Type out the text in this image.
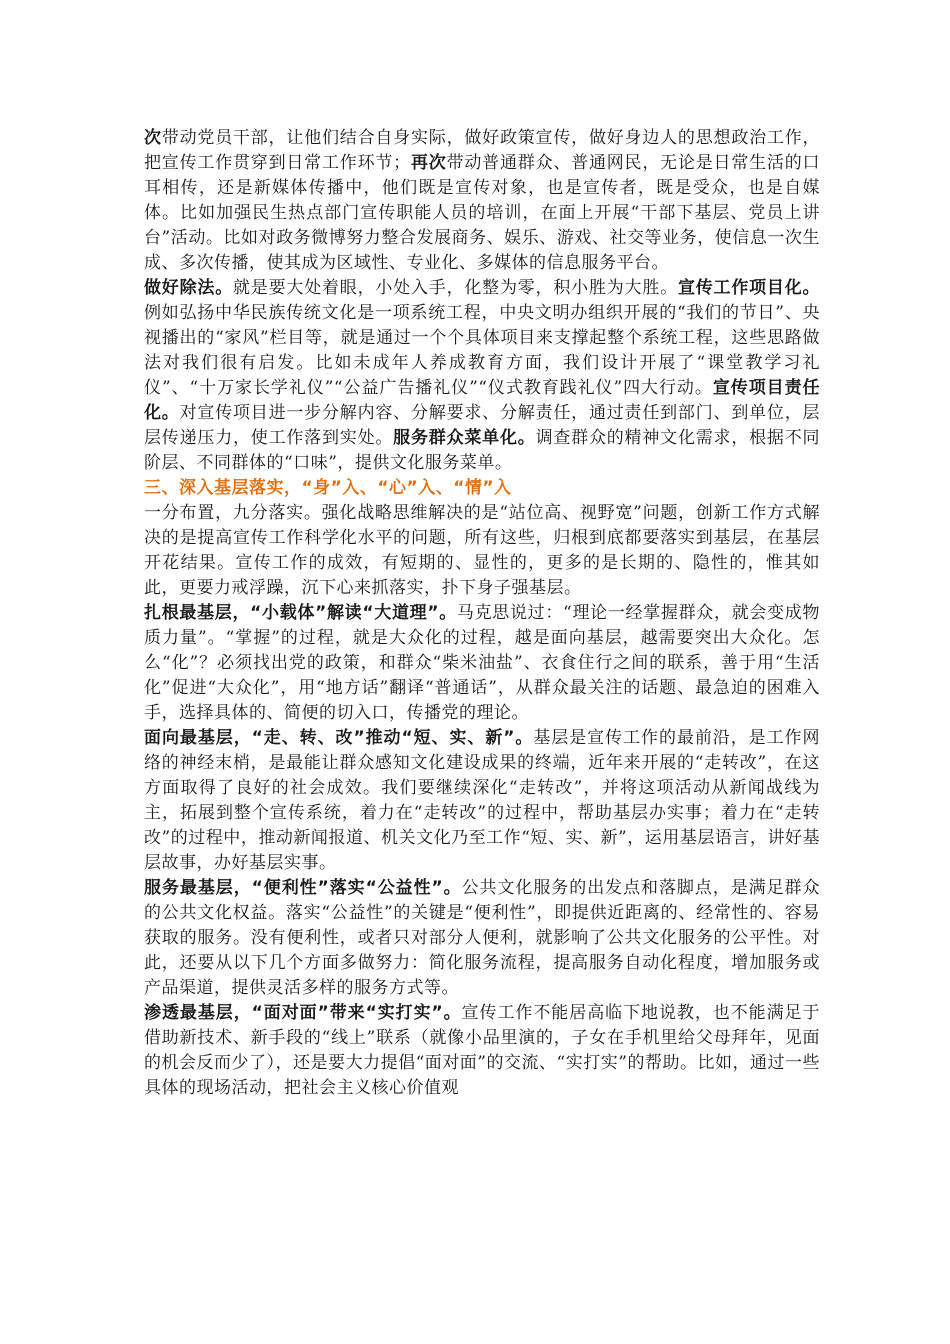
次带动党员干部，让他们结合自身实际，做好政策宣传，做好身边人的思想政治工作，把宣传工作贯穿到日常工作环节；再次带动普通群众、普通网民，无论是日常生活的口耳相传，还是新媒体传播中，他们既是宣传对象，也是宣传者，既是受众，也是自媒体。比如加强民生热点部门宣传职能人员的培训，在面上开展“干部下基层、党员上讲台”活动。比如对政务微博努力整合发展商务、娱乐、游戏、社交等业务，使信息一次生成、多次传播，使其成为区域性、专业化、多媒体的信息服务平台。

做好除法。就是要大处着眼，小处入手，化整为零，积小胜为大胜。宣传工作项目化。例如弘扬中华民族传统文化是一项系统工程，中央文明办组织开展的“我们的节日”、央视播出的“家风”栏目等，就是通过一个个具体项目来支撑起整个系统工程，这些思路做法对我们很有启发。比如未成年人养成教育方面，我们设计开展了“课堂教学习礼仪”、“十万家长学礼仪”“公益广告播礼仪”“仪式教育践礼仪”四大行动。宣传项目责任化。对宣传项目进一步分解内容、分解要求、分解责任，通过责任到部门、到单位，层层传递压力，使工作落到实处。服务群众菜单化。调查群众的精神文化需求，根据不同阶层、不同群体的“口味”，提供文化服务菜单。

三、深入基层落实，“身”入、“心”入、“情”入

一分布置，九分落实。强化战略思维解决的是“站位高、视野宽”问题，创新工作方式解决的是提高宣传工作科学化水平的问题，所有这些，归根到底都要落实到基层，在基层开花结果。宣传工作的成效，有短期的、显性的，更多的是长期的、隐性的，惟其如此，更要力戒浮躁，沉下心来抓落实，扑下身子强基层。

扎根最基层，“小载体”解读“大道理”。马克思说过：“理论一经掌握群众，就会变成物质力量”。“掌握”的过程，就是大众化的过程，越是面向基层，越需要突出大众化。怎么“化”？必须找出党的政策，和群众“柴米油盐”、衣食住行之间的联系，善于用“生活化”促进“大众化”，用“地方话”翻译“普通话”，从群众最关注的话题、最急迫的困难入手，选择具体的、简便的切入口，传播党的理论。

面向最基层，“走、转、改”推动“短、实、新”。基层是宣传工作的最前沿，是工作网络的神经末梢，是最能让群众感知文化建设成果的终端，近年来开展的“走转改”，在这方面取得了良好的社会成效。我们要继续深化“走转改”，并将这项活动从新闻战线为主，拓展到整个宣传系统，着力在“走转改”的过程中，帮助基层办实事；着力在“走转改”的过程中，推动新闻报道、机关文化乃至工作“短、实、新”，运用基层语言，讲好基层故事，办好基层实事。

服务最基层，“便利性”落实“公益性”。公共文化服务的出发点和落脚点，是满足群众的公共文化权益。落实“公益性”的关键是“便利性”，即提供近距离的、经常性的、容易获取的服务。没有便利性，或者只对部分人便利，就影响了公共文化服务的公平性。对此，还要从以下几个方面多做努力：简化服务流程，提高服务自动化程度，增加服务或产品渠道，提供灵活多样的服务方式等。

渗透最基层，“面对面”带来“实打实”。宣传工作不能居高临下地说教，也不能满足于借助新技术、新手段的“线上”联系（就像小品里演的，子女在手机里给父母拜年，见面的机会反而少了），还是要大力提倡“面对面”的交流、“实打实”的帮助。比如，通过一些具体的现场活动，把社会主义核心价值观
